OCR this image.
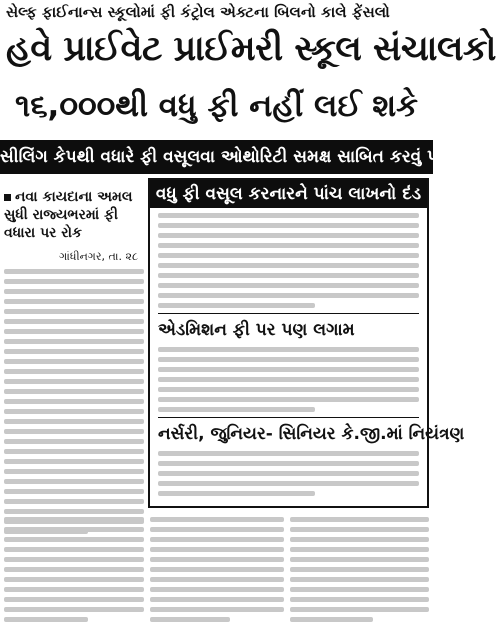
સેલ્ફ ફાઈનાન્સ સ્કૂલોમાં ફી કંટ્રોલ એક્ટના બિલનો કાલે ફેંસલો
હવે પ્રાઈવેટ પ્રાઈમરી સ્કૂલ સંચાલકો
૧૬,૦૦૦થી વધુ ફી નહીં લઈ શકે
સીલિંગ કેપથી વધારે ફી વસૂલવા ઓથોરિટી સમક્ષ સાબિત કરવું પડશે
નવા કાયદાના અમલ સુધી રાજ્યભરમાં ફી વધારા પર રોક
ગાંધીનગર, તા. ૨૮
વધુ ફી વસૂલ કરનારને પાંચ લાખનો દંડ
એડમિશન ફી પર પણ લગામ
નર્સરી, જુનિયર- સિનિયર કે.જી.માં નિયંત્રણ
